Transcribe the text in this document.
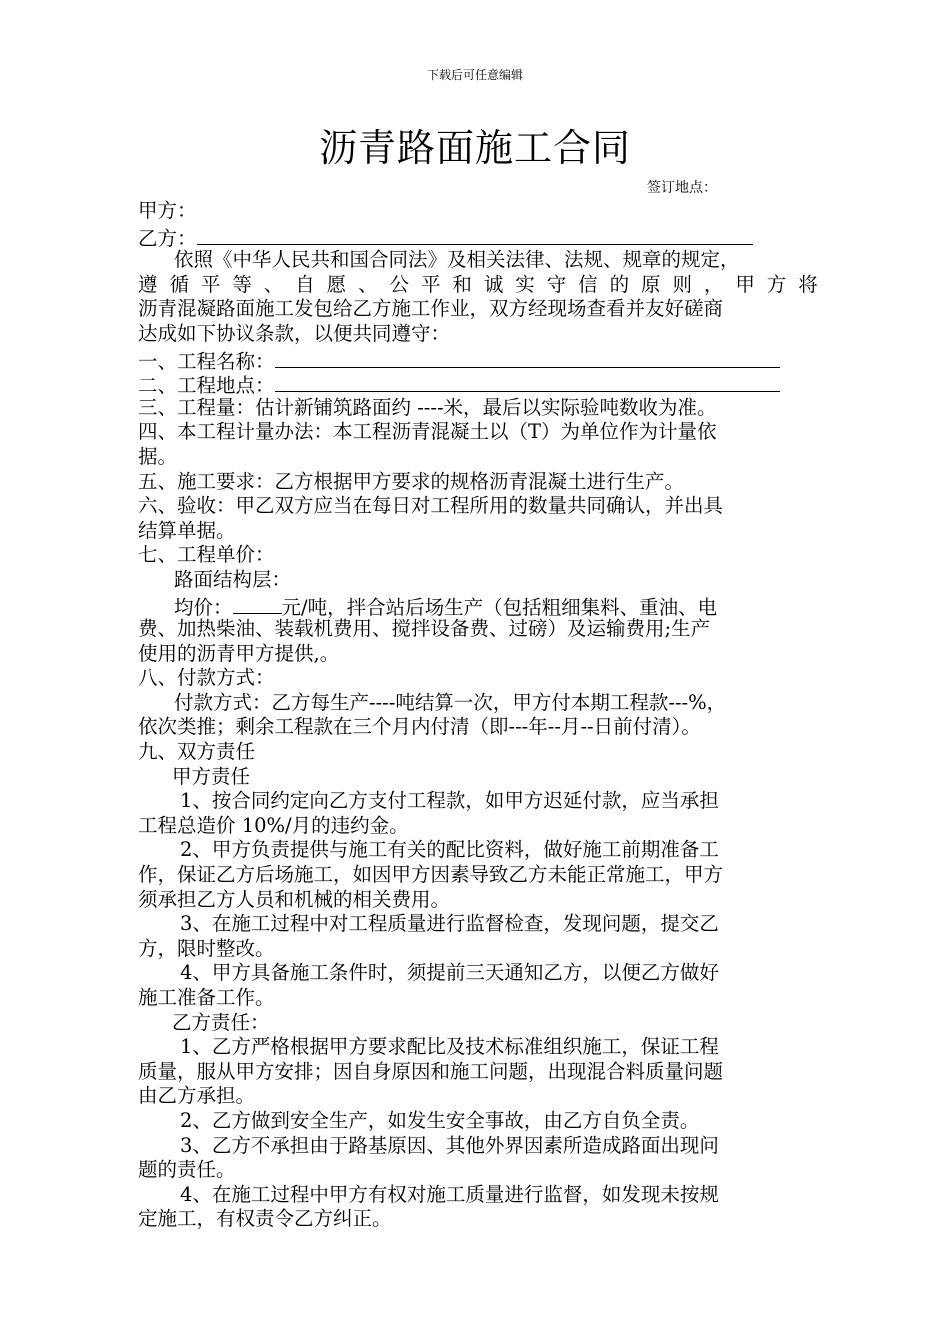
下载后可任意编辑
沥青路面施工合同
签订地点：
甲方：
乙方：
依照《中华人民共和国合同法》及相关法律、法规、规章的规定，
遵 循 平 等 、 自 愿 、 公 平 和 诚 实 守 信 的 原 则 ， 甲 方 将
沥青混凝路面施工发包给乙方施工作业，双方经现场查看并友好磋商
达成如下协议条款，以便共同遵守：
一、工程名称：
二、工程地点：
三、工程量：估计新铺筑路面约 ----米，最后以实际验吨数收为准。
四、本工程计量办法：本工程沥青混凝土以（T）为单位作为计量依
据。
五、施工要求：乙方根据甲方要求的规格沥青混凝土进行生产。
六、验收：甲乙双方应当在每日对工程所用的数量共同确认，并出具
结算单据。
七、工程单价：
路面结构层：
均价：	元/吨，拌合站后场生产（包括粗细集料、重油、电
费、加热柴油、装载机费用、搅拌设备费、过磅）及运输费用;生产
使用的沥青甲方提供,。
八、付款方式：
付款方式：乙方每生产----吨结算一次，甲方付本期工程款---%，
依次类推；剩余工程款在三个月内付清（即---年--月--日前付清）。
九、双方责任
甲方责任
1、按合同约定向乙方支付工程款，如甲方迟延付款，应当承担
工程总造价 10%/月的违约金。
2、甲方负责提供与施工有关的配比资料，做好施工前期准备工
作，保证乙方后场施工，如因甲方因素导致乙方未能正常施工，甲方
须承担乙方人员和机械的相关费用。
3、在施工过程中对工程质量进行监督检查，发现问题，提交乙
方，限时整改。
4、甲方具备施工条件时，须提前三天通知乙方，以便乙方做好
施工准备工作。
乙方责任：
1、乙方严格根据甲方要求配比及技术标准组织施工，保证工程
质量，服从甲方安排；因自身原因和施工问题，出现混合料质量问题
由乙方承担。
2、乙方做到安全生产，如发生安全事故，由乙方自负全责。
3、乙方不承担由于路基原因、其他外界因素所造成路面出现问
题的责任。
4、在施工过程中甲方有权对施工质量进行监督，如发现未按规
定施工，有权责令乙方纠正。
